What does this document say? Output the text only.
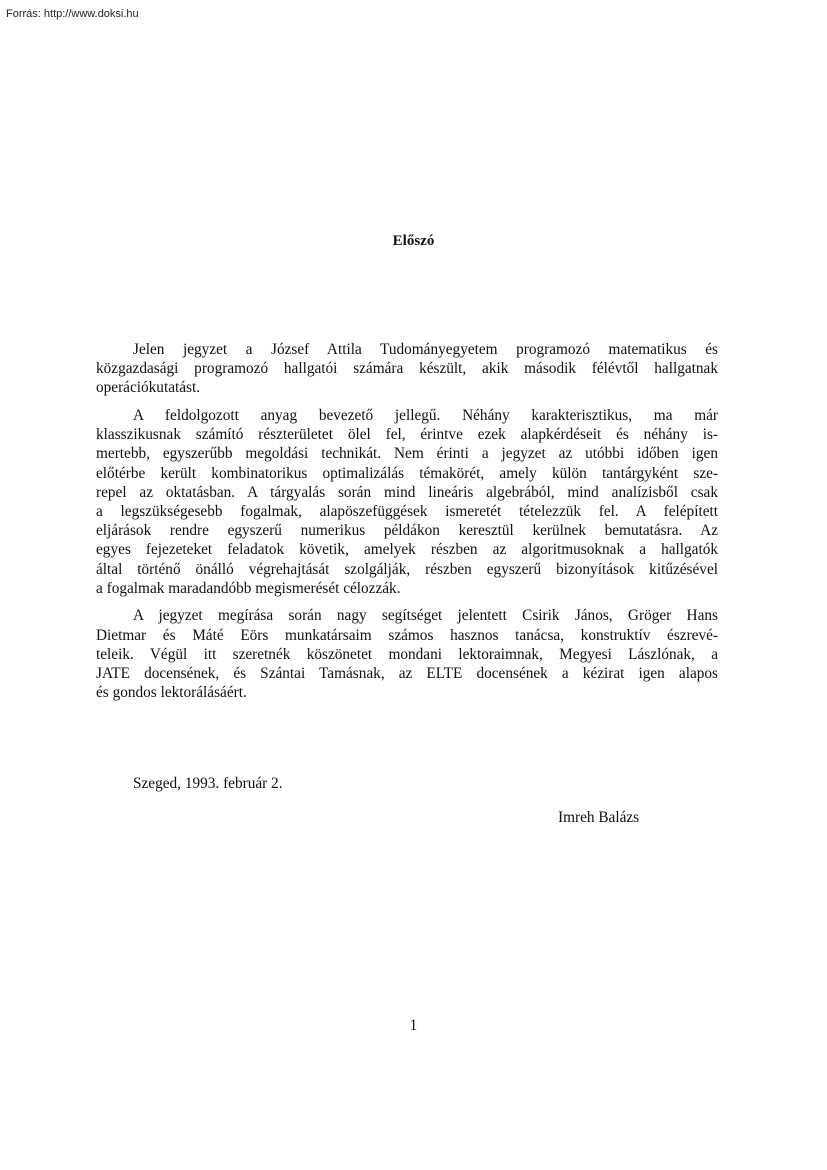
Forrás: http://www.doksi.hu
Előszó
Jelen jegyzet a József Attila Tudományegyetem programozó matematikus és
közgazdasági programozó hallgatói számára készült, akik második félévtől hallgatnak
operációkutatást.
A feldolgozott anyag bevezető jellegű. Néhány karakterisztikus, ma már
klasszikusnak számító részterületet ölel fel, érintve ezek alapkérdéseit és néhány is-
mertebb, egyszerűbb megoldási technikát. Nem érinti a jegyzet az utóbbi időben igen
előtérbe került kombinatorikus optimalizálás témakörét, amely külön tantárgyként sze-
repel az oktatásban. A tárgyalás során mind lineáris algebrából, mind analízisből csak
a legszükségesebb fogalmak, alapöszefüggések ismeretét tételezzük fel. A felépített
eljárások rendre egyszerű numerikus példákon keresztül kerülnek bemutatásra. Az
egyes fejezeteket feladatok követik, amelyek részben az algoritmusoknak a hallgatók
által történő önálló végrehajtását szolgálják, részben egyszerű bizonyítások kitűzésével
a fogalmak maradandóbb megismerését célozzák.
A jegyzet megírása során nagy segítséget jelentett Csirik János, Gröger Hans
Dietmar és Máté Eörs munkatársaim számos hasznos tanácsa, konstruktív észrevé-
teleik. Végül itt szeretnék köszönetet mondani lektoraimnak, Megyesi Lászlónak, a
JATE docensének, és Szántai Tamásnak, az ELTE docensének a kézirat igen alapos
és gondos lektorálásáért.
Szeged, 1993. február 2.
Imreh Balázs
1
